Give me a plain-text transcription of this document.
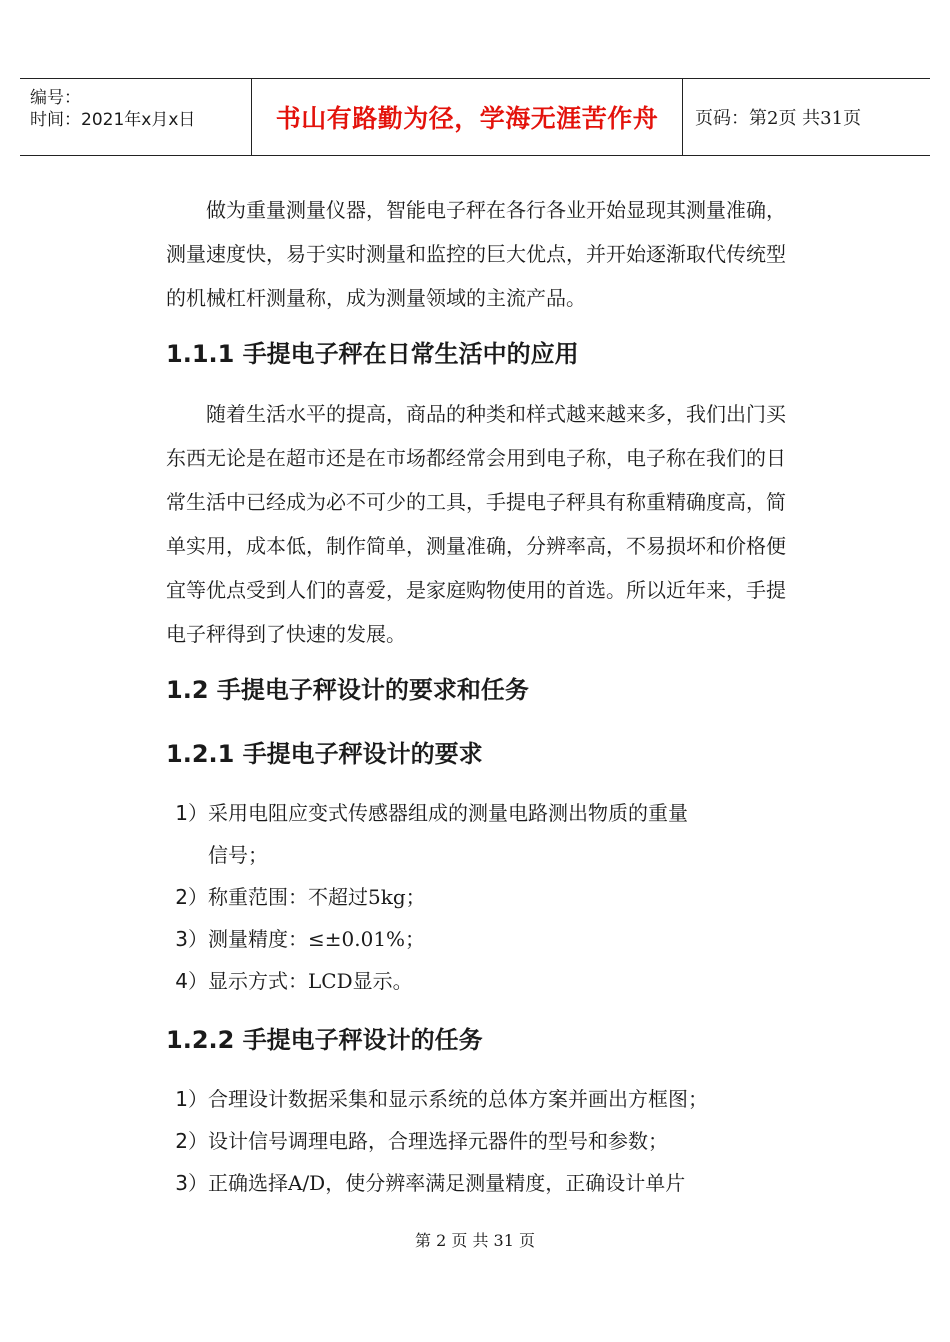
编号：
时间：2021年x月x日	书山有路勤为径，学海无涯苦作舟 页码：第2页 共31页

做为重量测量仪器，智能电子秤在各行各业开始显现其测量准确，测量速度快，易于实时测量和监控的巨大优点，并开始逐渐取代传统型的机械杠杆测量称，成为测量领域的主流产品。

1.1.1 手提电子秤在日常生活中的应用

随着生活水平的提高，商品的种类和样式越来越来多，我们出门买东西无论是在超市还是在市场都经常会用到电子称，电子称在我们的日常生活中已经成为必不可少的工具，手提电子秤具有称重精确度高，简单实用，成本低，制作简单，测量准确，分辨率高，不易损坏和价格便宜等优点受到人们的喜爱，是家庭购物使用的首选。所以近年来，手提电子秤得到了快速的发展。

1.2 手提电子秤设计的要求和任务
1.2.1 手提电子秤设计的要求
1） 采用电阻应变式传感器组成的测量电路测出物质的重量
信号；
2） 称重范围：不超过5kg；
3） 测量精度：≤±0.01%；
4） 显示方式：LCD显示。
1.2.2 手提电子秤设计的任务
1） 合理设计数据采集和显示系统的总体方案并画出方框图；
2） 设计信号调理电路，合理选择元器件的型号和参数；
3） 正确选择A/D，使分辨率满足测量精度，正确设计单片
第 2 页 共 31 页
